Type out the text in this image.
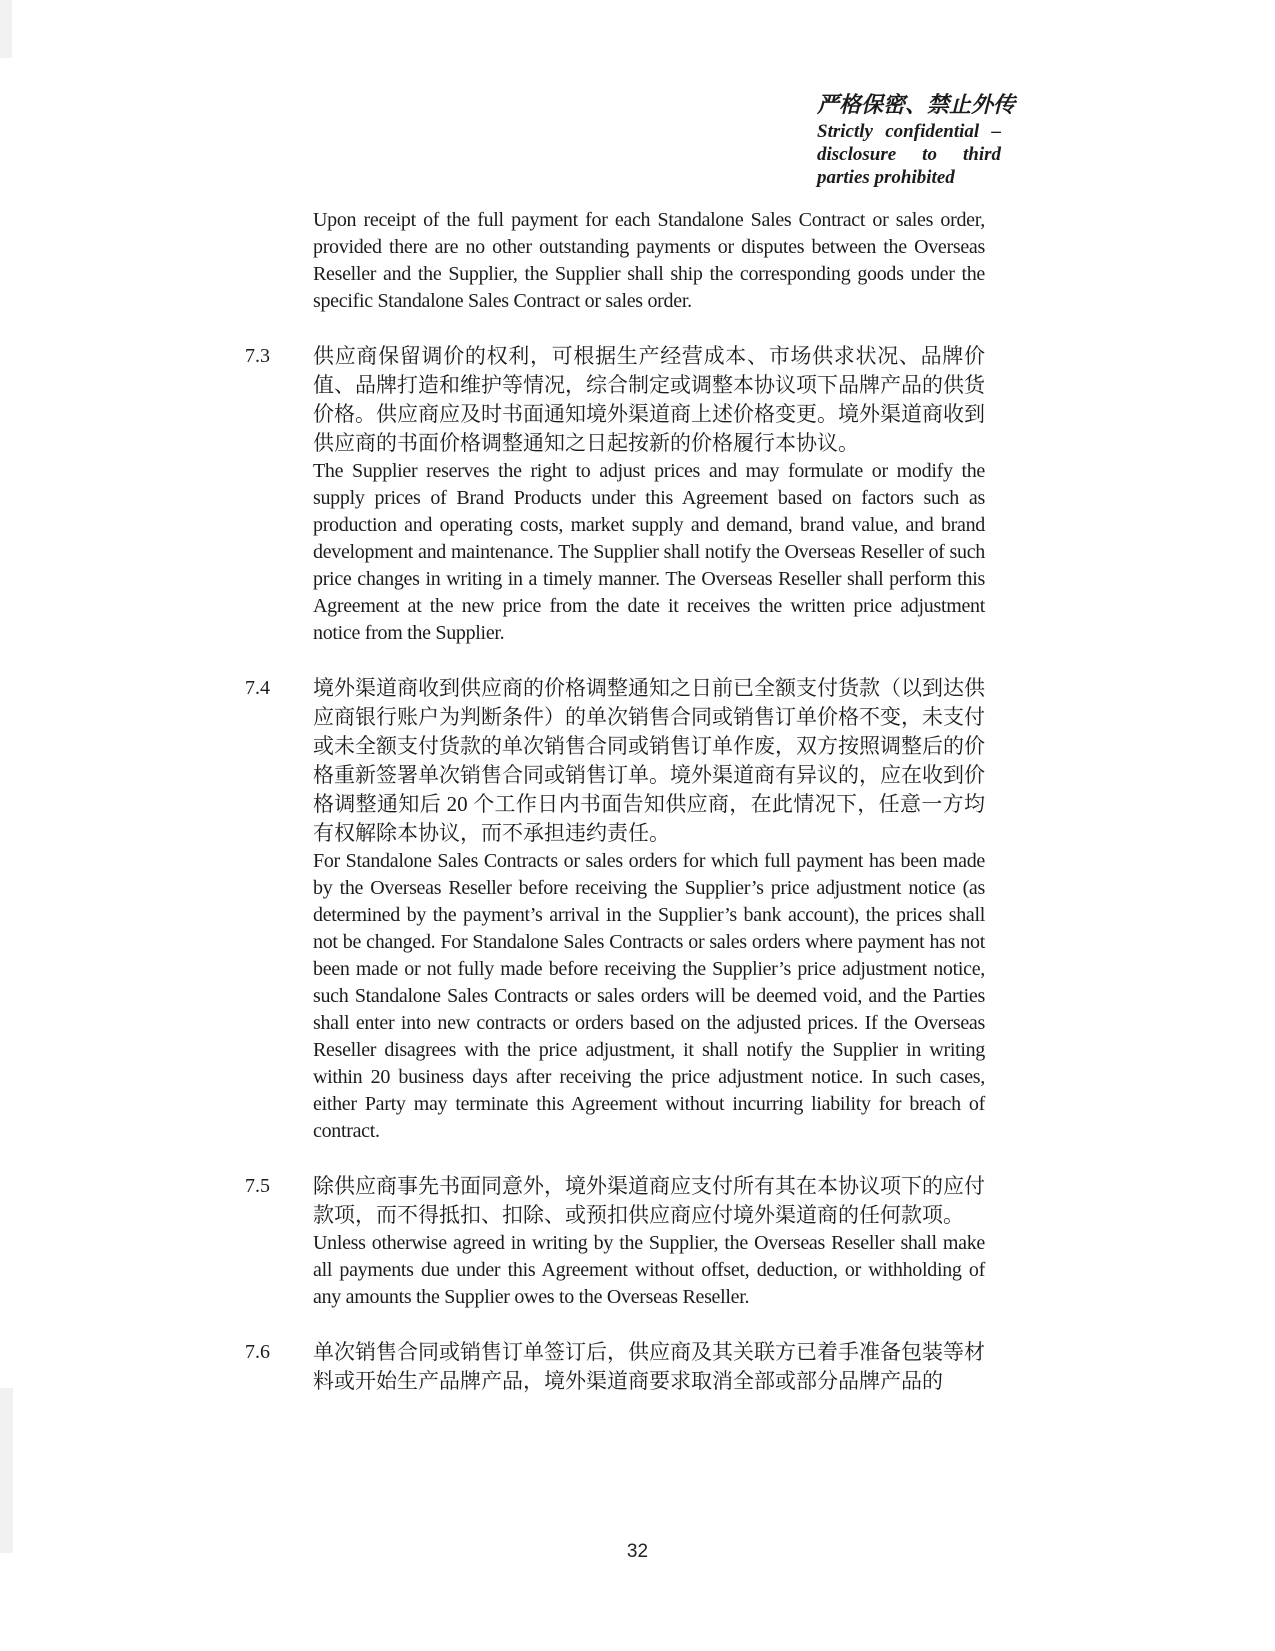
严格保密、禁止外传
Strictly confidential – disclosure to third parties prohibited

Upon receipt of the full payment for each Standalone Sales Contract or sales order, provided there are no other outstanding payments or disputes between the Overseas Reseller and the Supplier, the Supplier shall ship the corresponding goods under the specific Standalone Sales Contract or sales order.

7.3	供应商保留调价的权利，可根据生产经营成本、市场供求状况、品牌价值、品牌打造和维护等情况，综合制定或调整本协议项下品牌产品的供货价格。供应商应及时书面通知境外渠道商上述价格变更。境外渠道商收到供应商的书面价格调整通知之日起按新的价格履行本协议。

The Supplier reserves the right to adjust prices and may formulate or modify the supply prices of Brand Products under this Agreement based on factors such as production and operating costs, market supply and demand, brand value, and brand development and maintenance. The Supplier shall notify the Overseas Reseller of such price changes in writing in a timely manner. The Overseas Reseller shall perform this Agreement at the new price from the date it receives the written price adjustment notice from the Supplier.

7.4	境外渠道商收到供应商的价格调整通知之日前已全额支付货款（以到达供应商银行账户为判断条件）的单次销售合同或销售订单价格不变，未支付或未全额支付货款的单次销售合同或销售订单作废，双方按照调整后的价格重新签署单次销售合同或销售订单。境外渠道商有异议的，应在收到价格调整通知后 20 个工作日内书面告知供应商，在此情况下，任意一方均有权解除本协议，而不承担违约责任。

For Standalone Sales Contracts or sales orders for which full payment has been made by the Overseas Reseller before receiving the Supplier’s price adjustment notice (as determined by the payment’s arrival in the Supplier’s bank account), the prices shall not be changed. For Standalone Sales Contracts or sales orders where payment has not been made or not fully made before receiving the Supplier’s price adjustment notice, such Standalone Sales Contracts or sales orders will be deemed void, and the Parties shall enter into new contracts or orders based on the adjusted prices. If the Overseas Reseller disagrees with the price adjustment, it shall notify the Supplier in writing within 20 business days after receiving the price adjustment notice. In such cases, either Party may terminate this Agreement without incurring liability for breach of contract.

7.5	除供应商事先书面同意外，境外渠道商应支付所有其在本协议项下的应付款项，而不得抵扣、扣除、或预扣供应商应付境外渠道商的任何款项。

Unless otherwise agreed in writing by the Supplier, the Overseas Reseller shall make all payments due under this Agreement without offset, deduction, or withholding of any amounts the Supplier owes to the Overseas Reseller.

7.6	单次销售合同或销售订单签订后，供应商及其关联方已着手准备包装等材料或开始生产品牌产品，境外渠道商要求取消全部或部分品牌产品的

32
